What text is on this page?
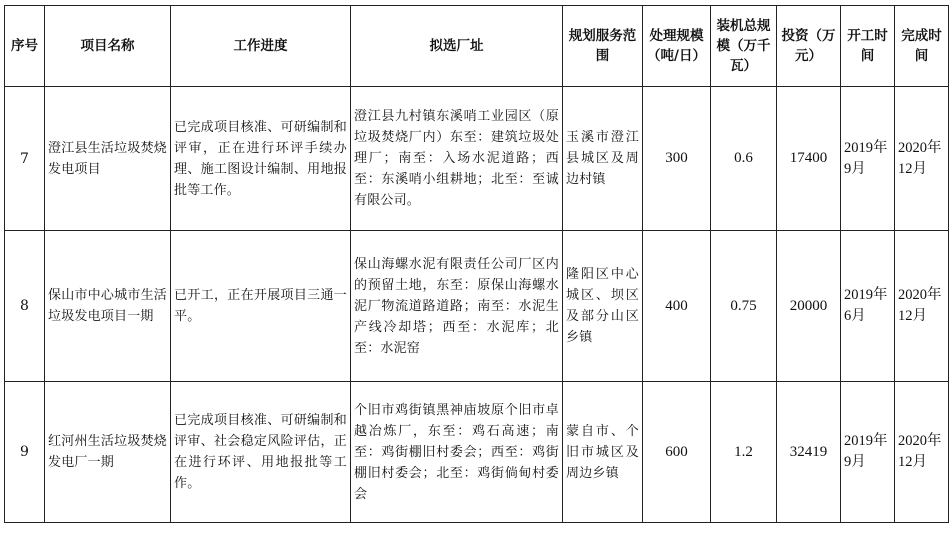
序号	项目名称	工作进度	拟选厂址	规划服务范围	处理规模（吨/日）	装机总规模（万千瓦）	投资（万元）	开工时间	完成时间
7	澄江县生活垃圾焚烧发电项目	已完成项目核准、可研编制和评审，正在进行环评手续办理、施工图设计编制、用地报批等工作。	澄江县九村镇东溪哨工业园区（原垃圾焚烧厂内）东至：建筑垃圾处理厂；南至：入场水泥道路；西至：东溪哨小组耕地；北至：至诚有限公司。	玉溪市澄江县城区及周边村镇	300	0.6	17400	2019年9月	2020年12月
8	保山市中心城市生活垃圾发电项目一期	已开工，正在开展项目三通一平。	保山海螺水泥有限责任公司厂区内的预留土地，东至：原保山海螺水泥厂物流道路道路；南至：水泥生产线冷却塔；西至：水泥库；北至：水泥窑	隆阳区中心城区、坝区及部分山区乡镇	400	0.75	20000	2019年6月	2020年12月
9	红河州生活垃圾焚烧发电厂一期	已完成项目核准、可研编制和评审、社会稳定风险评估，正在进行环评、用地报批等工作。	个旧市鸡街镇黑神庙坡原个旧市卓越冶炼厂，东至：鸡石高速；南至：鸡街棚旧村委会；西至：鸡街棚旧村委会；北至：鸡街倘甸村委会	蒙自市、个旧市城区及周边乡镇	600	1.2	32419	2019年9月	2020年12月
